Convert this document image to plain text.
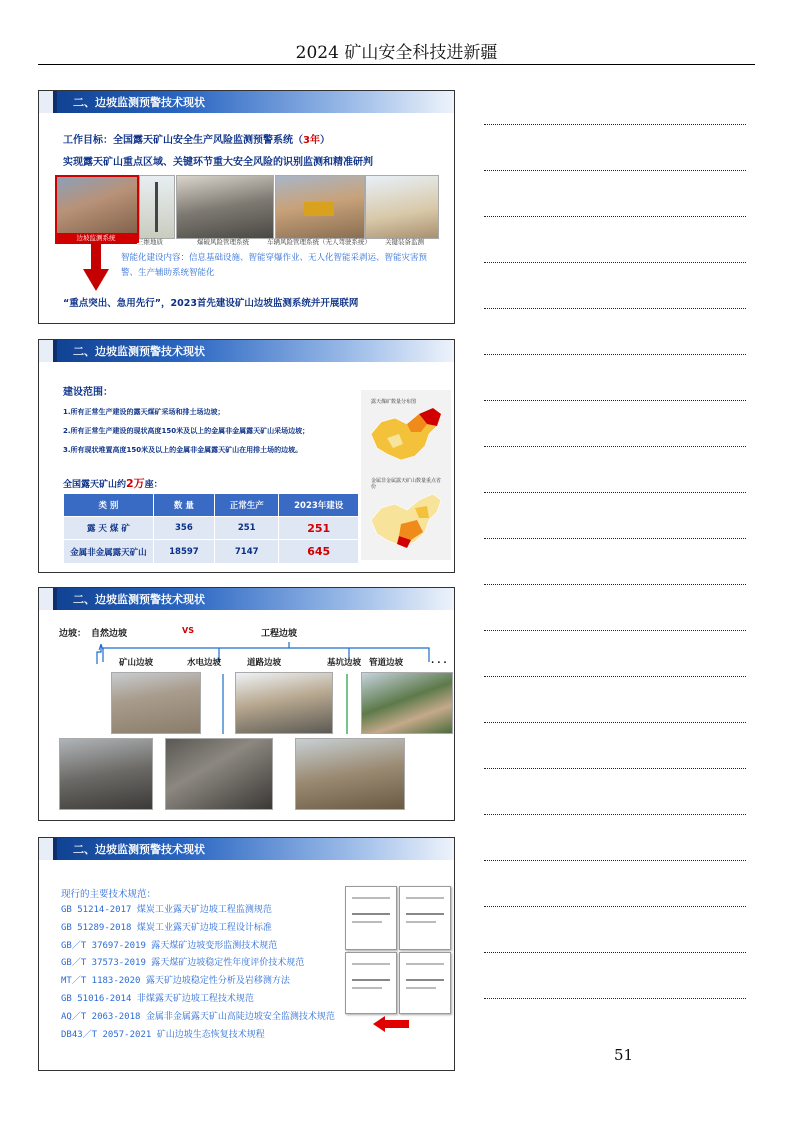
2024 矿山安全科技进新疆
二、边坡监测预警技术现状
工作目标：全国露天矿山安全生产风险监测预警系统（3年）
实现露天矿山重点区域、关键环节重大安全风险的识别监测和精准研判
边坡监测系统	三维地质	爆破风险管理系统	车辆风险管理系统（无人驾驶系统） 关键装备监测
智能化建设内容：信息基础设施、智能穿爆作业、无人化智能采剥运、智能灾害预警、生产辅助系统智能化
“重点突出、急用先行”，2023首先建设矿山边坡监测系统并开展联网
二、边坡监测预警技术现状
建设范围：
1.所有正常生产建设的露天煤矿采场和排土场边坡；
2.所有正常生产建设的现状高度150米及以上的金属非金属露天矿山采场边坡；
3.所有现状堆置高度150米及以上的金属非金属露天矿山在用排土场的边坡。
全国露天矿山约2万座：
类 别	数 量	正常生产	2023年建设
露 天 煤 矿	356	251	251
金属非金属露天矿山	18597	7147	645
露天煤矿数量分布图
金属非金属露天矿山数量重点省份
二、边坡监测预警技术现状
边坡： 自然边坡	VS	工程边坡
矿山边坡	水电边坡	道路边坡	基坑边坡 管道边坡	. . .
二、边坡监测预警技术现状
现行的主要技术规范：
GB 51214-2017 煤炭工业露天矿边坡工程监测规范
GB 51289-2018 煤炭工业露天矿边坡工程设计标准
GB／T 37697-2019 露天煤矿边坡变形监测技术规范
GB／T 37573-2019 露天煤矿边坡稳定性年度评价技术规范
MT／T 1183-2020 露天矿边坡稳定性分析及岩移测方法
GB 51016-2014 非煤露天矿边坡工程技术规范
AQ／T 2063-2018 金属非金属露天矿山高陡边坡安全监测技术规范
DB43／T 2057-2021 矿山边坡生态恢复技术规程
51
